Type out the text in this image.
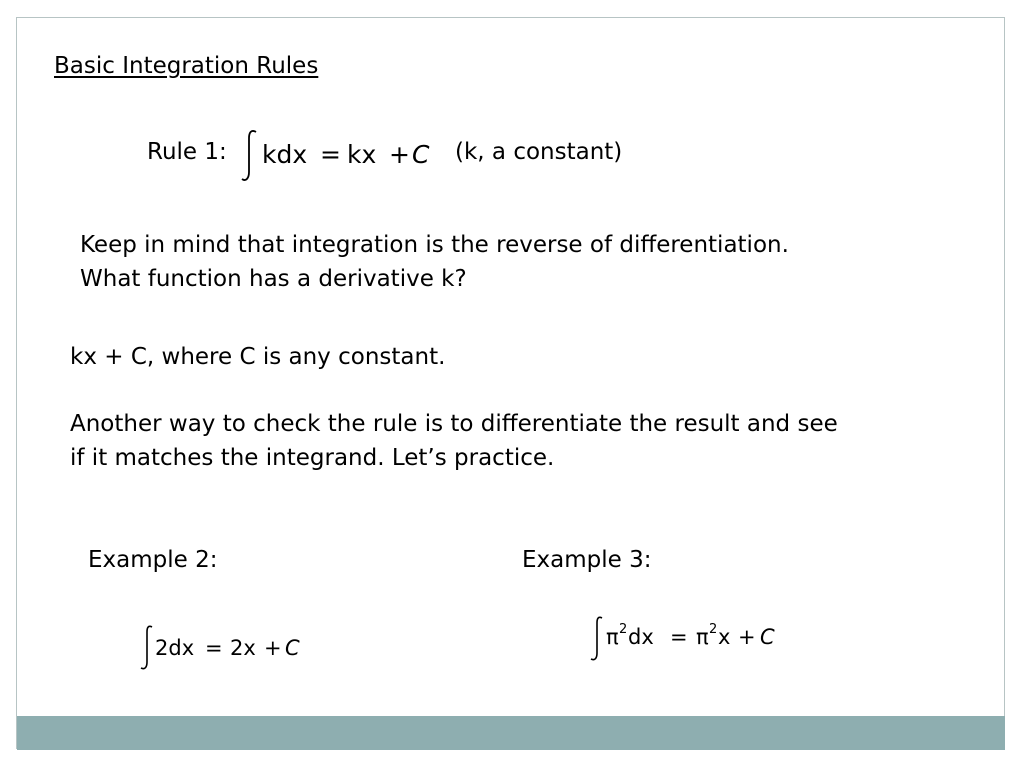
Basic Integration Rules
Rule 1: kdx = kx + C (k, a constant)
Keep in mind that integration is the reverse of differentiation.
What function has a derivative k?
kx + C, where C is any constant.
Another way to check the rule is to differentiate the result and see
if it matches the integrand. Let’s practice.
Example 2:	Example 3:
2dx = 2x + C	π 2 dx = π 2 x + C
